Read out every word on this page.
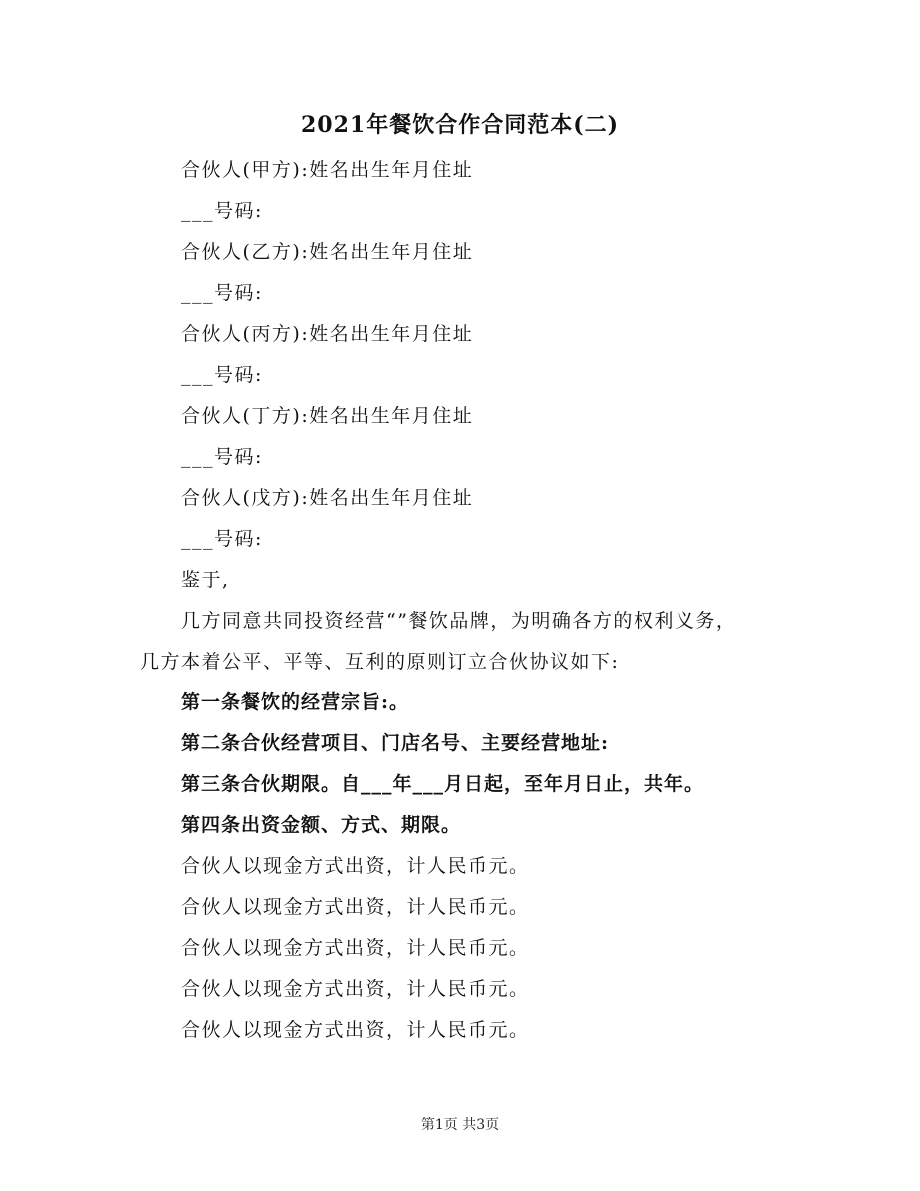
2021年餐饮合作合同范本(二)
合伙人(甲方):姓名出生年月住址
___号码:
合伙人(乙方):姓名出生年月住址
___号码:
合伙人(丙方):姓名出生年月住址
___号码:
合伙人(丁方):姓名出生年月住址
___号码:
合伙人(戊方):姓名出生年月住址
___号码:
鉴于,
几方同意共同投资经营“”餐饮品牌，为明确各方的权利义务，
几方本着公平、平等、互利的原则订立合伙协议如下:
第一条餐饮的经营宗旨:。
第二条合伙经营项目、门店名号、主要经营地址:
第三条合伙期限。自___年___月日起，至年月日止，共年。
第四条出资金额、方式、期限。
合伙人以现金方式出资，计人民币元。
合伙人以现金方式出资，计人民币元。
合伙人以现金方式出资，计人民币元。
合伙人以现金方式出资，计人民币元。
合伙人以现金方式出资，计人民币元。
第1页 共3页
